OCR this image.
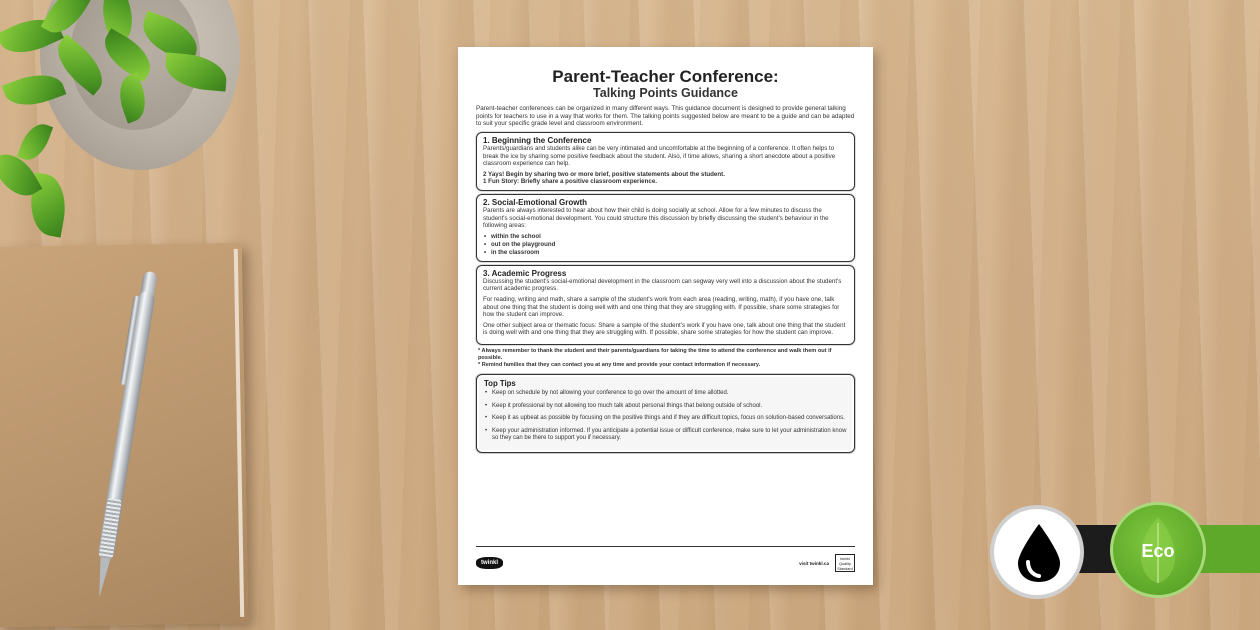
Parent-Teacher Conference:
Talking Points Guidance
Parent-teacher conferences can be organized in many different ways. This guidance document is designed to provide general talking points for teachers to use in a way that works for them. The talking points suggested below are meant to be a guide and can be adapted to suit your specific grade level and classroom environment.
1. Beginning the Conference

Parents/guardians and students alike can be very intimated and uncomfortable at the beginning of a conference. It often helps to break the ice by sharing some positive feedback about the student. Also, if time allows, sharing a short anecdote about a positive classroom experience can help.

2 Yays! Begin by sharing two or more brief, positive statements about the student.

1 Fun Story: Briefly share a positive classroom experience.

2. Social-Emotional Growth

Parents are always interested to hear about how their child is doing socially at school. Allow for a few minutes to discuss the student's social-emotional development. You could structure this discussion by briefly discussing the student's behaviour in the following areas:

• within the school
• out on the playground
• in the classroom
3. Academic Progress

Discussing the student's social-emotional development in the classroom can segway very well into a discussion about the student's current academic progress.

For reading, writing and math, share a sample of the student's work from each area (reading, writing, math), if you have one, talk about one thing that the student is doing well with and one thing that they are struggling with. If possible, share some strategies for how the student can improve.

One other subject area or thematic focus: Share a sample of the student's work if you have one, talk about one thing that the student is doing well with and one thing that they are struggling with. If possible, share some strategies for how the student can improve.

* Always remember to thank the student and their parents/guardians for taking the time to attend the conference and walk them out if possible.
* Remind families that they can contact you at any time and provide your contact information if necessary.
Top Tips
• Keep on schedule by not allowing your conference to go over the amount of time allotted.
• Keep it professional by not allowing too much talk about personal things that belong outside of school.
• Keep it as upbeat as possible by focusing on the positive things and if they are difficult topics, focus on solution-based conversations.
• Keep your administration informed. If you anticipate a potential issue or difficult conference, make sure to let your administration know so they can be there to support you if necessary.
twinkl	visit twinkl.ca
twinkl Quality Standard
Eco
